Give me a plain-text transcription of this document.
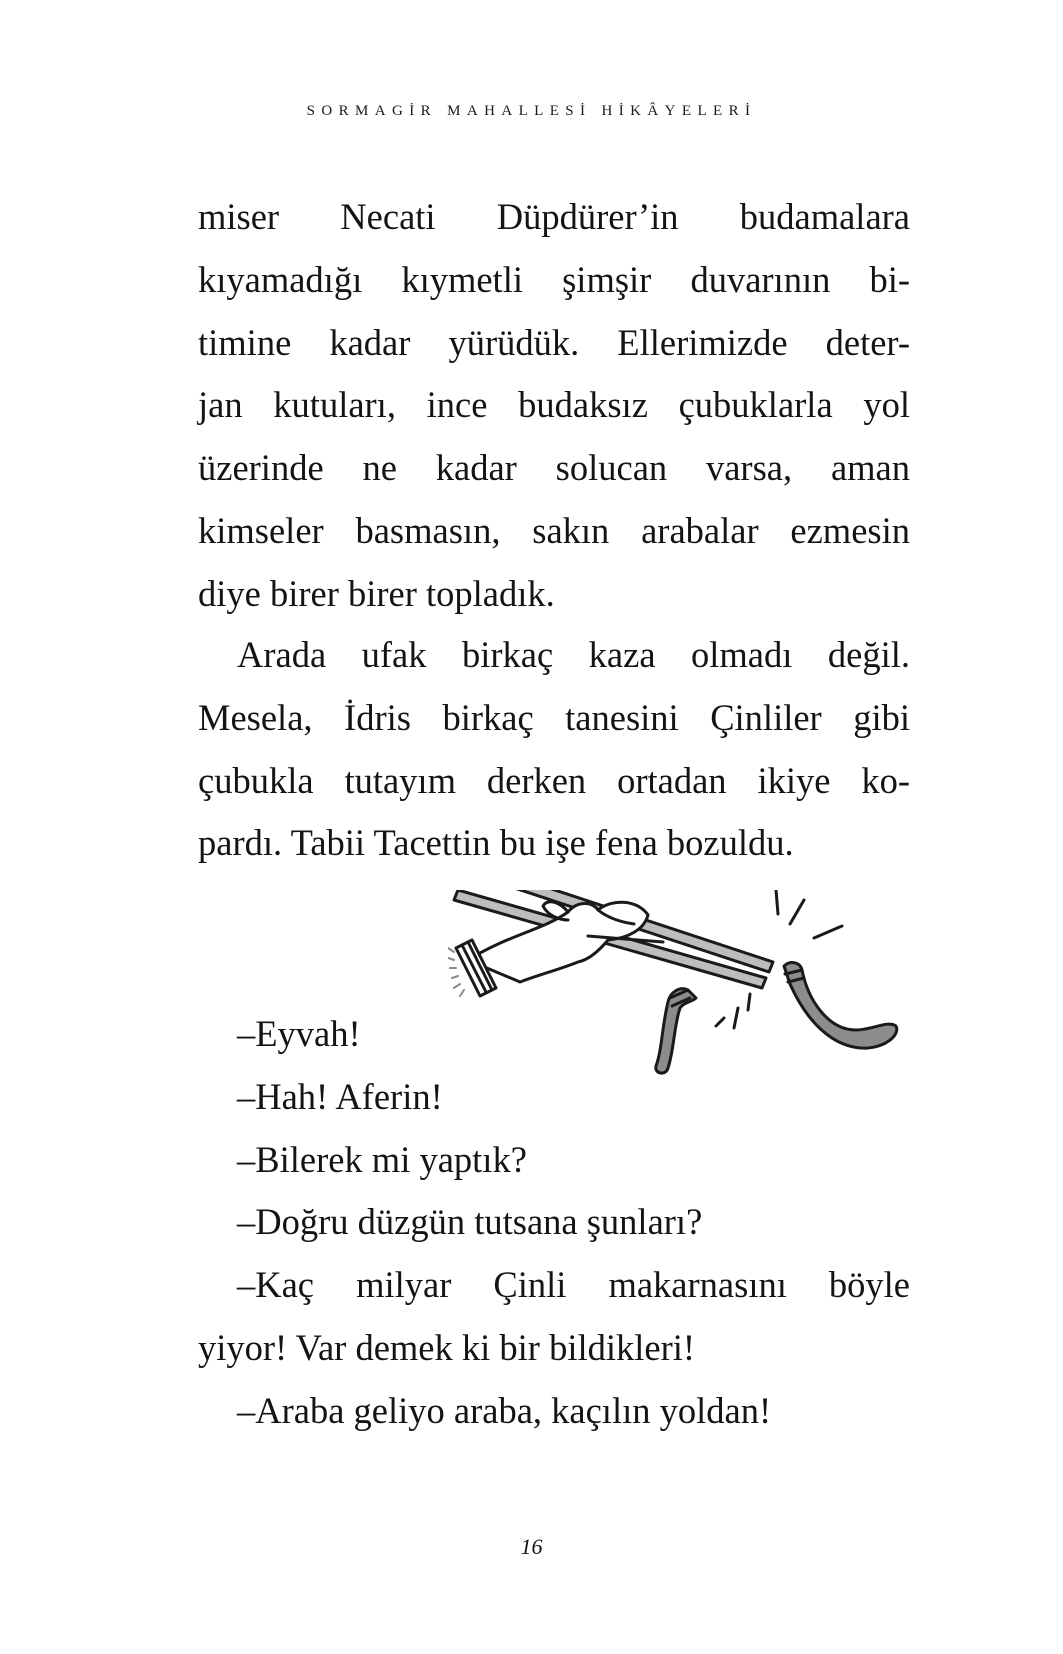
SORMAGİR MAHALLESİ HİKÂYELERİ
miser Necati Düpdürer’in budamalara
kıyamadığı kıymetli şimşir duvarının bi-
timine kadar yürüdük. Ellerimizde deter-
jan kutuları, ince budaksız çubuklarla yol
üzerinde ne kadar solucan varsa, aman
kimseler basmasın, sakın arabalar ezmesin
diye birer birer topladık.
Arada ufak birkaç kaza olmadı değil.
Mesela, İdris birkaç tanesini Çinliler gibi
çubukla tutayım derken ortadan ikiye ko-
pardı. Tabii Tacettin bu işe fena bozuldu.
–Eyvah!
–Hah! Aferin!
–Bilerek mi yaptık?
–Doğru düzgün tutsana şunları?
–Kaç milyar Çinli makarnasını böyle
yiyor! Var demek ki bir bildikleri!
–Araba geliyo araba, kaçılın yoldan!
16
